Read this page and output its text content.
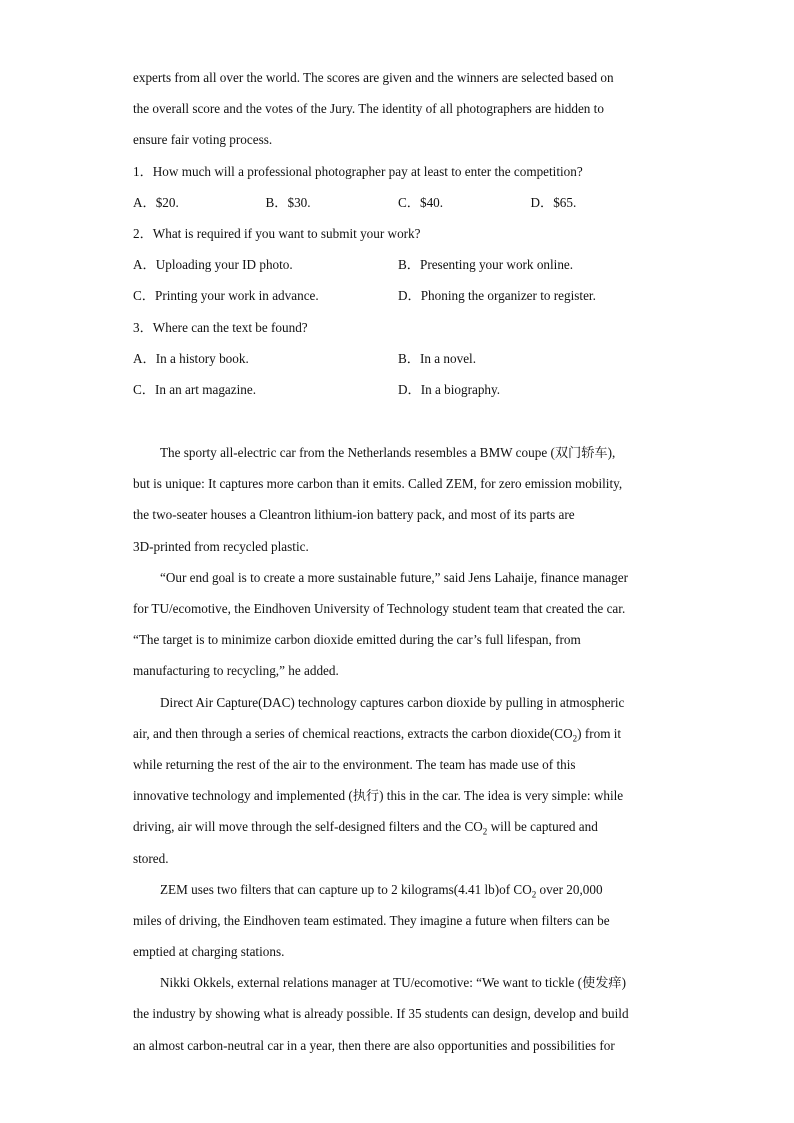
experts from all over the world. The scores are given and the winners are selected based on
the overall score and the votes of the Jury. The identity of all photographers are hidden to
ensure fair voting process.
1．How much will a professional photographer pay at least to enter the competition?
A．$20.	B．$30.	C．$40.	D．$65.
2．What is required if you want to submit your work?
A．Uploading your ID photo.	B．Presenting your work online.
C．Printing your work in advance.	D．Phoning the organizer to register.
3．Where can the text be found?
A．In a history book.	B．In a novel.
C．In an art magazine.	D．In a biography.
The sporty all-electric car from the Netherlands resembles a BMW coupe (双门轿车),
but is unique: It captures more carbon than it emits. Called ZEM, for zero emission mobility,
the two-seater houses a Cleantron lithium-ion battery pack, and most of its parts are
3D-printed from recycled plastic.
“Our end goal is to create a more sustainable future,” said Jens Lahaije, finance manager
for TU/ecomotive, the Eindhoven University of Technology student team that created the car.
“The target is to minimize carbon dioxide emitted during the car’s full lifespan, from
manufacturing to recycling,” he added.
Direct Air Capture(DAC) technology captures carbon dioxide by pulling in atmospheric
air, and then through a series of chemical reactions, extracts the carbon $dioxide(CO_2)$ from it
while returning the rest of the air to the environment. The team has made use of this
innovative technology and implemented (执行) this in the car. The idea is very simple: while
driving, air will move through the self-designed filters and the $CO_2$ will be captured and
stored.
ZEM uses two filters that can capture up to 2 kilograms(4.41 lb)of $CO_2$ over 20,000
miles of driving, the Eindhoven team estimated. They imagine a future when filters can be
emptied at charging stations.
Nikki Okkels, external relations manager at TU/ecomotive: “We want to tickle (使发痒)
the industry by showing what is already possible. If 35 students can design, develop and build
an almost carbon-neutral car in a year, then there are also opportunities and possibilities for
